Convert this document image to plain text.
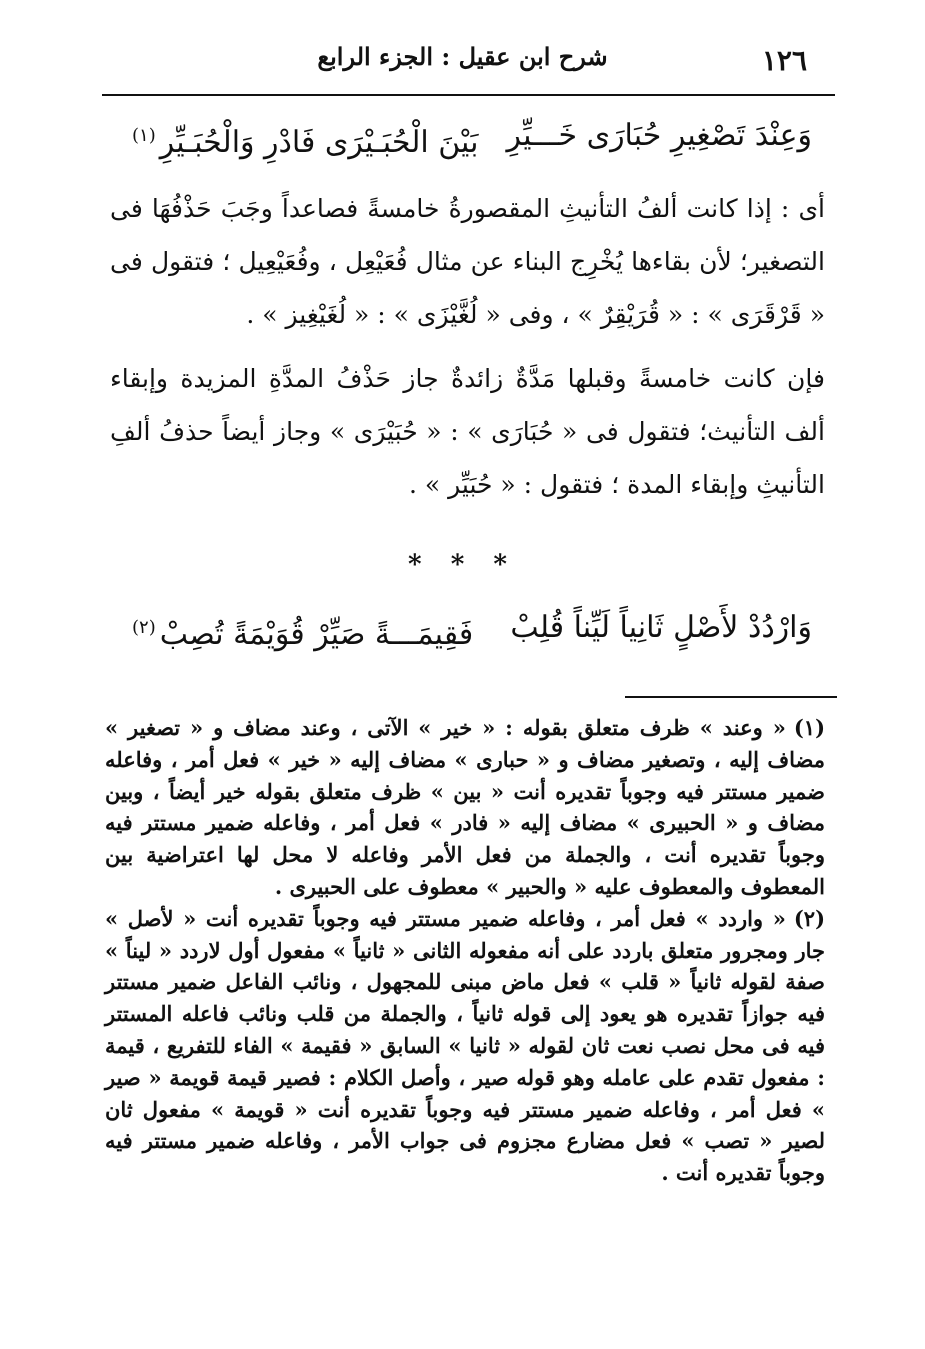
١٢٦
شرح ابن عقيل : الجزء الرابع
وَعِنْدَ تَصْغِيرِ حُبَارَى خَـــيِّرِ
بَيْنَ الْحُبَـيْرَى فَادْرِ وَالْحُبَـيِّرِ$^{(١)}$

أى : إذا كانت ألفُ التأنيثِ المقصورةُ خامسةً فصاعداً وجَبَ حَذْفُهَا فى التصغير؛ لأن بقاءها يُخْرِج البناء عن مثال فُعَيْعِل ، وفُعَيْعِيل ؛ فتقول فى « قَرْقَرَى » : « قُرَيْقِرٌ » ، وفى « لُغَّيْزَى » : « لُغَيْغِيز » .

فإن كانت خامسةً وقبلها مَدَّةٌ زائدةٌ جاز حَذْفُ المدَّةِ المزيدة وإبقاء ألف التأنيث؛ فتقول فى « حُبَارَى » : « حُبَيْرَى » وجاز أيضاً حذفُ ألفِ التأنيثِ وإبقاء المدة ؛ فتقول : « حُبَيِّر » .

* * *
وَارْدُدْ لأَصْلٍ ثَانِياً لَيِّناً قُلِبْ
فَقِيمَـــةً صَيِّرْ قُوَيْمَةً تُصِبْ$^{(٢)}$

(١)« وعند » ظرف متعلق بقوله : « خير » الآتى ، وعند مضاف و « تصغير » مضاف إليه ، وتصغير مضاف و « حبارى » مضاف إليه « خير » فعل أمر ، وفاعله ضمير مستتر فيه وجوباً تقديره أنت « بين » ظرف متعلق بقوله خير أيضاً ، وبين مضاف و « الحبيرى » مضاف إليه « فادر » فعل أمر ، وفاعله ضمير مستتر فيه وجوباً تقديره أنت ، والجملة من فعل الأمر وفاعله لا محل لها اعتراضية بين المعطوف والمعطوف عليه « والحبير » معطوف على الحبيرى .

(٢)« واردد » فعل أمر ، وفاعله ضمير مستتر فيه وجوباً تقديره أنت « لأصل » جار ومجرور متعلق باردد على أنه مفعوله الثانى « ثانياً » مفعول أول لاردد « ليناً » صفة لقوله ثانياً « قلب » فعل ماض مبنى للمجهول ، ونائب الفاعل ضمير مستتر فيه جوازاً تقديره هو يعود إلى قوله ثانياً ، والجملة من قلب ونائب فاعله المستتر فيه فى محل نصب نعت ثان لقوله « ثانيا » السابق « فقيمة » الفاء للتفريع ، قيمة : مفعول تقدم على عامله وهو قوله صير ، وأصل الكلام : فصير قيمة قويمة « صير » فعل أمر ، وفاعله ضمير مستتر فيه وجوباً تقديره أنت « قويمة » مفعول ثان لصير « تصب » فعل مضارع مجزوم فى جواب الأمر ، وفاعله ضمير مستتر فيه وجوباً تقديره أنت .
